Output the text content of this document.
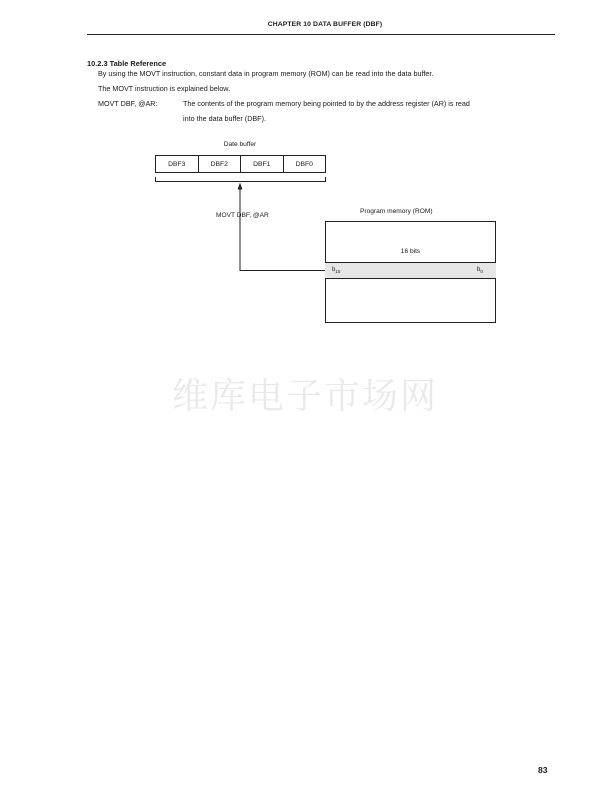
CHAPTER 10 DATA BUFFER (DBF)
10.2.3 Table Reference
By using the MOVT instruction, constant data in program memory (ROM) can be read into the data buffer.
The MOVT instruction is explained below.
MOVT DBF, @AR:	The contents of the program memory being pointed to by the address register (AR) is read
into the data buffer (DBF).
Date buffer
DBF3	DBF2	DBF1	DBF0
MOVT DBF, @AR
Program memory (ROM)
16 bits
$b_{15}$	$b_0$
维库电子市场网
83
